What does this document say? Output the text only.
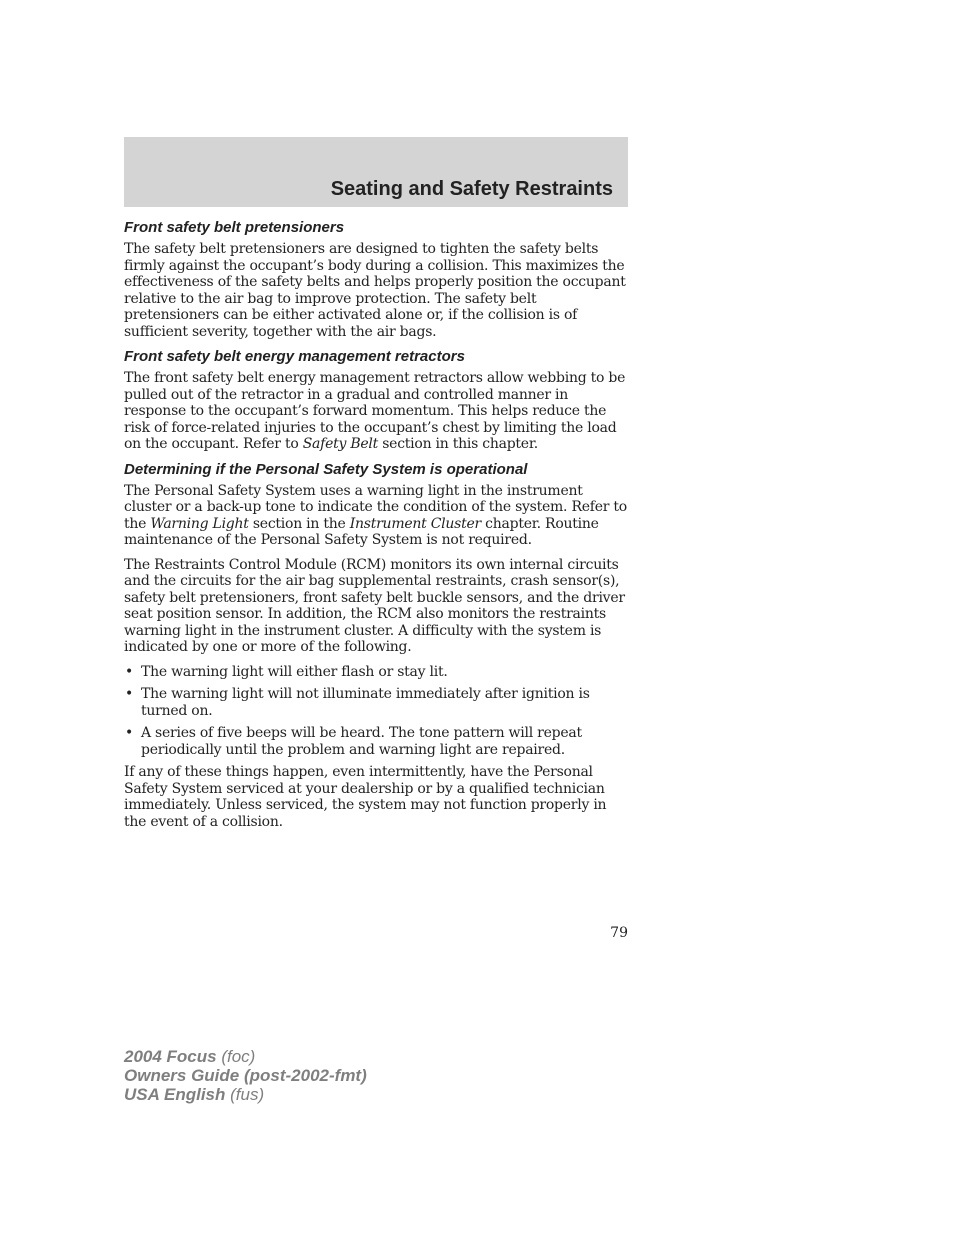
Seating and Safety Restraints
Front safety belt pretensioners

The safety belt pretensioners are designed to tighten the safety belts firmly against the occupant’s body during a collision. This maximizes the effectiveness of the safety belts and helps properly position the occupant relative to the air bag to improve protection. The safety belt pretensioners can be either activated alone or, if the collision is of sufficient severity, together with the air bags.

Front safety belt energy management retractors

The front safety belt energy management retractors allow webbing to be pulled out of the retractor in a gradual and controlled manner in response to the occupant’s forward momentum. This helps reduce the risk of force-related injuries to the occupant’s chest by limiting the load on the occupant. Refer to Safety Belt section in this chapter.

Determining if the Personal Safety System is operational

The Personal Safety System uses a warning light in the instrument cluster or a back-up tone to indicate the condition of the system. Refer to the Warning Light section in the Instrument Cluster chapter. Routine maintenance of the Personal Safety System is not required.

The Restraints Control Module (RCM) monitors its own internal circuits and the circuits for the air bag supplemental restraints, crash sensor(s), safety belt pretensioners, front safety belt buckle sensors, and the driver seat position sensor. In addition, the RCM also monitors the restraints warning light in the instrument cluster. A difficulty with the system is indicated by one or more of the following.

• The warning light will either flash or stay lit.
• The warning light will not illuminate immediately after ignition is turned on.
• A series of five beeps will be heard. The tone pattern will repeat periodically until the problem and warning light are repaired.

If any of these things happen, even intermittently, have the Personal Safety System serviced at your dealership or by a qualified technician immediately. Unless serviced, the system may not function properly in the event of a collision.

79
2004 Focus (foc)
Owners Guide (post-2002-fmt)
USA English (fus)
